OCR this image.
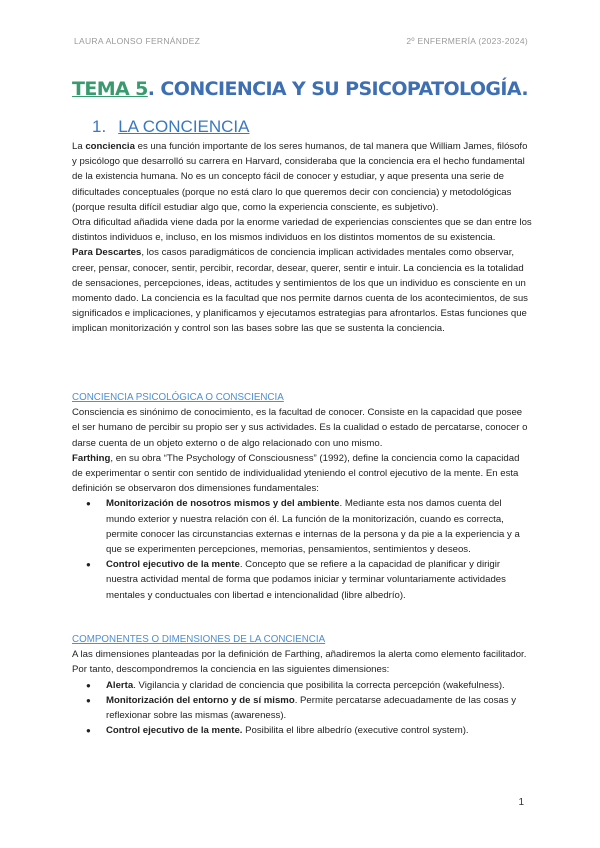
LAURA ALONSO FERNÁNDEZ	2º ENFERMERÍA (2023-2024)
TEMA 5. CONCIENCIA Y SU PSICOPATOLOGÍA.
1. LA CONCIENCIA

La conciencia es una función importante de los seres humanos, de tal manera que William James, filósofo y psicólogo que desarrolló su carrera en Harvard, consideraba que la conciencia era el hecho fundamental de la existencia humana. No es un concepto fácil de conocer y estudiar, y aque presenta una serie de dificultades conceptuales (porque no está claro lo que queremos decir con conciencia) y metodológicas (porque resulta difícil estudiar algo que, como la experiencia consciente, es subjetivo).

Otra dificultad añadida viene dada por la enorme variedad de experiencias conscientes que se dan entre los distintos individuos e, incluso, en los mismos individuos en los distintos momentos de su existencia.

Para Descartes, los casos paradigmáticos de conciencia implican actividades mentales como observar, creer, pensar, conocer, sentir, percibir, recordar, desear, querer, sentir e intuir. La conciencia es la totalidad de sensaciones, percepciones, ideas, actitudes y sentimientos de los que un individuo es consciente en un momento dado. La conciencia es la facultad que nos permite darnos cuenta de los acontecimientos, de sus significados e implicaciones, y planificamos y ejecutamos estrategias para afrontarlos. Estas funciones que implican monitorización y control son las bases sobre las que se sustenta la conciencia.

CONCIENCIA PSICOLÓGICA O CONSCIENCIA

Consciencia es sinónimo de conocimiento, es la facultad de conocer. Consiste en la capacidad que posee el ser humano de percibir su propio ser y sus actividades. Es la cualidad o estado de percatarse, conocer o darse cuenta de un objeto externo o de algo relacionado con uno mismo.

Farthing, en su obra “The Psychology of Consciousness” (1992), define la conciencia como la capacidad de experimentar o sentir con sentido de individualidad yteniendo el control ejecutivo de la mente. En esta definición se observaron dos dimensiones fundamentales:

● Monitorización de nosotros mismos y del ambiente. Mediante esta nos damos cuenta del mundo exterior y nuestra relación con él. La función de la monitorización, cuando es correcta, permite conocer las circunstancias externas e internas de la persona y da pie a la experiencia y a que se experimenten percepciones, memorias, pensamientos, sentimientos y deseos.
● Control ejecutivo de la mente. Concepto que se refiere a la capacidad de planificar y dirigir nuestra actividad mental de forma que podamos iniciar y terminar voluntariamente actividades mentales y conductuales con libertad e intencionalidad (libre albedrío).

COMPONENTES O DIMENSIONES DE LA CONCIENCIA

A las dimensiones planteadas por la definición de Farthing, añadiremos la alerta como elemento facilitador. Por tanto, descompondremos la conciencia en las siguientes dimensiones:

● Alerta. Vigilancia y claridad de conciencia que posibilita la correcta percepción (wakefulness).
● Monitorización del entorno y de sí mismo. Permite percatarse adecuadamente de las cosas y reflexionar sobre las mismas (awareness).
● Control ejecutivo de la mente. Posibilita el libre albedrío (executive control system).
1
